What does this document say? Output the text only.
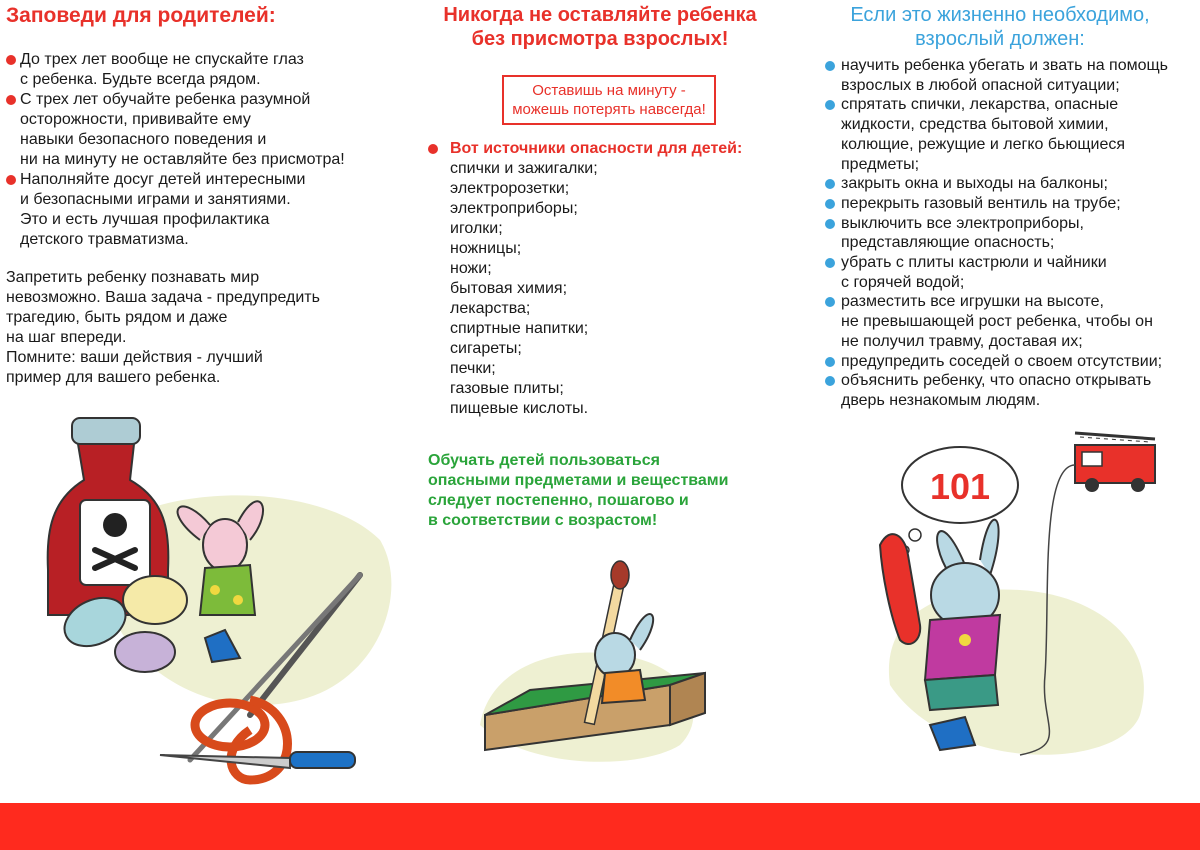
Заповеди для родителей:
До трех лет вообще не спускайте глаз
с ребенка. Будьте всегда рядом.
С трех лет обучайте ребенка разумной
осторожности, прививайте ему
навыки безопасного поведения и
ни на минуту не оставляйте без присмотра!
Наполняйте досуг детей интересными
и безопасными играми и занятиями.
Это и есть лучшая профилактика
детского травматизма.
Запретить ребенку познавать мир
невозможно. Ваша задача - предупредить
трагедию, быть рядом и даже
на шаг впереди.
Помните: ваши действия - лучший
пример для вашего ребенка.
Никогда не оставляйте ребенка
без присмотра взрослых!
Оставишь на минуту -
можешь потерять навсегда!
Вот источники опасности для детей:
спички и зажигалки;
электророзетки;
электроприборы;
иголки;
ножницы;
ножи;
бытовая химия;
лекарства;
спиртные напитки;
сигареты;
печки;
газовые плиты;
пищевые кислоты.
Обучать детей пользоваться
опасными предметами и веществами
следует постепенно, пошагово и
в соответствии с возрастом!
Если это жизненно необходимо,
взрослый должен:
научить ребенка убегать и звать на помощь
взрослых в любой опасной ситуации;
спрятать спички, лекарства, опасные
жидкости, средства бытовой химии,
колющие, режущие и легко бьющиеся
предметы;
закрыть окна и выходы на балконы;
перекрыть газовый вентиль на трубе;
выключить все электроприборы,
представляющие опасность;
убрать с плиты кастрюли и чайники
с горячей водой;
разместить все игрушки на высоте,
не превышающей рост ребенка, чтобы он
не получил травму, доставая их;
предупредить соседей о своем отсутствии;
объяснить ребенку, что опасно открывать
дверь незнакомым людям.
101
